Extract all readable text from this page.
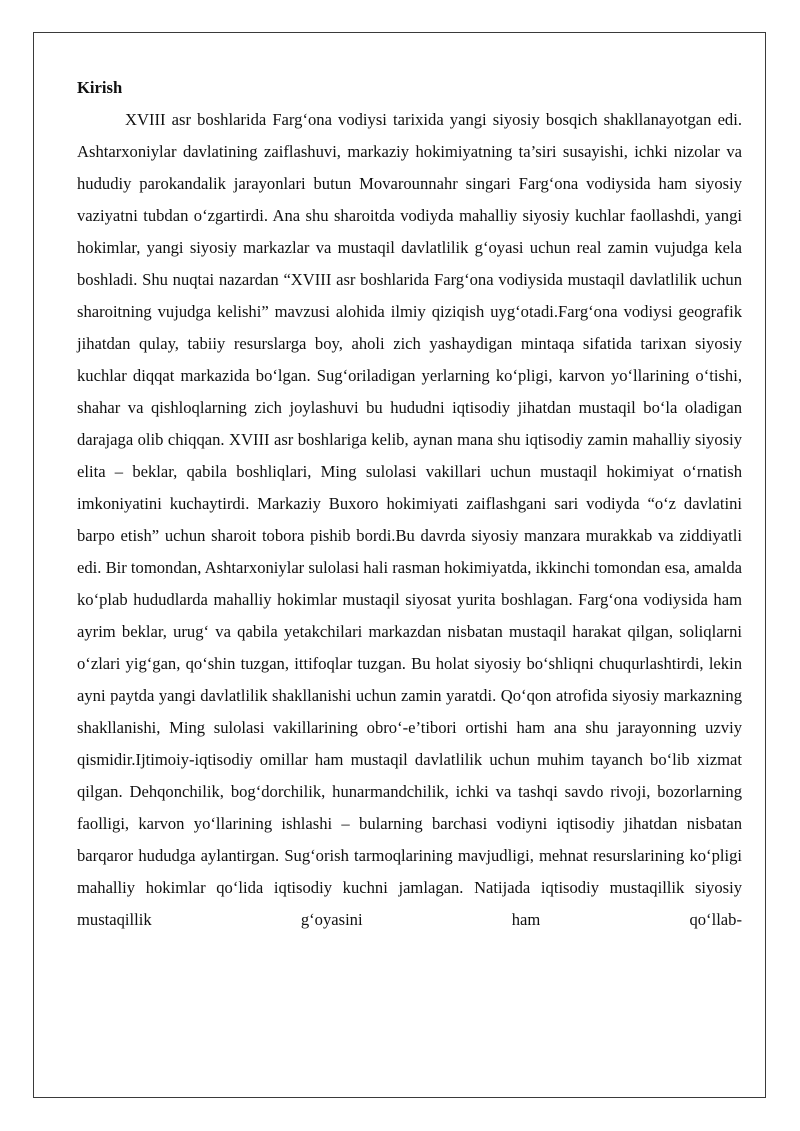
Kirish

XVIII asr boshlarida Farg‘ona vodiysi tarixida yangi siyosiy bosqich shakllanayotgan edi. Ashtarxoniylar davlatining zaiflashuvi, markaziy hokimiyatning ta’siri susayishi, ichki nizolar va hududiy parokandalik jarayonlari butun Movarounnahr singari Farg‘ona vodiysida ham siyosiy vaziyatni tubdan o‘zgartirdi. Ana shu sharoitda vodiyda mahalliy siyosiy kuchlar faollashdi, yangi hokimlar, yangi siyosiy markazlar va mustaqil davlatlilik g‘oyasi uchun real zamin vujudga kela boshladi. Shu nuqtai nazardan “XVIII asr boshlarida Farg‘ona vodiysida mustaqil davlatlilik uchun sharoitning vujudga kelishi” mavzusi alohida ilmiy qiziqish uyg‘otadi.Farg‘ona vodiysi geografik jihatdan qulay, tabiiy resurslarga boy, aholi zich yashaydigan mintaqa sifatida tarixan siyosiy kuchlar diqqat markazida bo‘lgan. Sug‘oriladigan yerlarning ko‘pligi, karvon yo‘llarining o‘tishi, shahar va qishloqlarning zich joylashuvi bu hududni iqtisodiy jihatdan mustaqil bo‘la oladigan darajaga olib chiqqan. XVIII asr boshlariga kelib, aynan mana shu iqtisodiy zamin mahalliy siyosiy elita – beklar, qabila boshliqlari, Ming sulolasi vakillari uchun mustaqil hokimiyat o‘rnatish imkoniyatini kuchaytirdi. Markaziy Buxoro hokimiyati zaiflashgani sari vodiyda “o‘z davlatini barpo etish” uchun sharoit tobora pishib bordi.Bu davrda siyosiy manzara murakkab va ziddiyatli edi. Bir tomondan, Ashtarxoniylar sulolasi hali rasman hokimiyatda, ikkinchi tomondan esa, amalda ko‘plab hududlarda mahalliy hokimlar mustaqil siyosat yurita boshlagan. Farg‘ona vodiysida ham ayrim beklar, urug‘ va qabila yetakchilari markazdan nisbatan mustaqil harakat qilgan, soliqlarni o‘zlari yig‘gan, qo‘shin tuzgan, ittifoqlar tuzgan. Bu holat siyosiy bo‘shliqni chuqurlashtirdi, lekin ayni paytda yangi davlatlilik shakllanishi uchun zamin yaratdi. Qo‘qon atrofida siyosiy markazning shakllanishi, Ming sulolasi vakillarining obro‘-e’tibori ortishi ham ana shu jarayonning uzviy qismidir.Ijtimoiy-iqtisodiy omillar ham mustaqil davlatlilik uchun muhim tayanch bo‘lib xizmat qilgan. Dehqonchilik, bog‘dorchilik, hunarmandchilik, ichki va tashqi savdo rivoji, bozorlarning faolligi, karvon yo‘llarining ishlashi – bularning barchasi vodiyni iqtisodiy jihatdan nisbatan barqaror hududga aylantirgan. Sug‘orish tarmoqlarining mavjudligi, mehnat resurslarining ko‘pligi mahalliy hokimlar qo‘lida iqtisodiy kuchni jamlagan. Natijada iqtisodiy mustaqillik siyosiy mustaqillik g‘oyasini ham qo‘llab-
